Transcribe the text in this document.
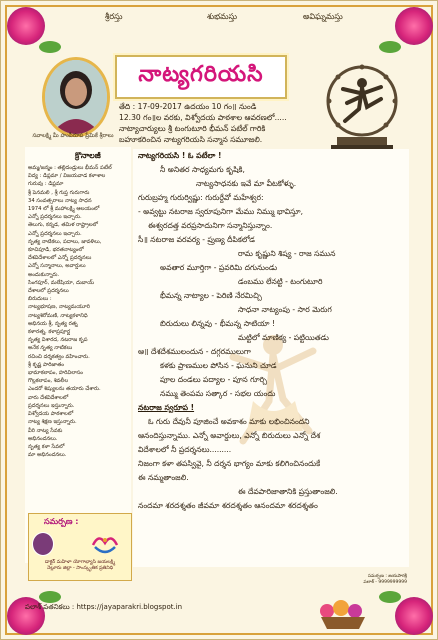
శ్రీరస్తు	శుభమస్తు	అవిఘ్నమస్తు
సవాలక్ష్మి మీ హంపీరూప ప్రేమికే శ్రీరాలు
నాట్యగరియసి
తేది : 17-09-2017 ఉదయం 10 గం॥ నుండి
12.30 గం॥ల వరకు, విశ్వోదయ పాఠశాల ఆవరణలో.....
నాట్యాచార్యులు శ్రీ టంగుటూరి భీమన్ పటేల్ గారికి
బహూకరించిన నాట్యగరియసి సన్మాన సమూజలి.
క్రొనాలజీ
అమ్మ/జన్మం : తల్లిదండ్రులు భీమన్ పటేల్
విద్య : డిప్లమా / విజయవాడ కళాశాల
గురువు : డిప్లమా
శ్రీ పెనమలి , శ్రీ గుప్త గురుగారు
34 సంవత్సరాలు నాట్య సాధన
1974 లో శ్రీ మహాలక్ష్మి ఆలయంలో
ఎన్నో ప్రదర్శనలు ఇచ్చారు.
తెలుగు, కన్నడ, తమిళ రాష్ట్రాలలో
ఎన్నో ప్రదర్శనలు ఇచ్చారు.
నృత్య నాటికలు, పదాలు, జావళిలు,
కూచిపూడి, భరతనాట్యంలో
దేశవిదేశాలలో ఎన్నో ప్రదర్శనలు
ఎన్నో సన్మానాలు, అవార్డులు
అందుకున్నారు.
సింగపూర్, మలేషియా, దుబాయ్
దేశాలలో ప్రదర్శనలు
బిరుదులు :
నాట్యభూషణ, నాట్యమయూరి
నాట్యశిరోమణి, నాట్యకళానిధి
అభినయ శ్రీ, నృత్య రత్న
కళారత్న, కళాప్రపూర్ణ
నృత్య విశారద, నటరాజ కృప
అనేక నృత్య నాటికలు
రచించి దర్శకత్వం వహించారు.
శ్రీ కృష్ణ పారిజాతం
భామాకలాపం, హరివిలాసం
గొల్లకలాపం, శివలీల
ఎందరో శిష్యులను తయారు చేశారు.
వారు దేశవిదేశాలలో
ప్రదర్శనలు ఇస్తున్నారు.
విశ్వోదయ పాఠశాలలో
నాట్య శిక్షణ ఇస్తున్నారు.
వీరి నాట్య సేవకు
అభినందనలు.
నృత్య కళా సేవలో
మా అభినందనలు.
సమర్పణ :
డాక్టర్ మహిళా యోగాభ్యాసి జయలక్ష్మి
నెల్లూరు జిల్లా - సాంస్కృతిక ప్రతినిధి
నాట్యగరియసి ! ఓ పటేలా !
నీ అనితర సాధ్యమగు కృషికి,
నాట్యసాధనకు ఇవే మా వీటకోళ్ళు.
గురుబ్రహ్మ గురుర్విష్ణు: గురుర్దేవో మహేశ్వర:
- అవ్వట్టు నటరాజ స్వరూపునిగా మేము నిమ్ము భావిస్తూ,
ఈశ్వరదత్త వరప్రసాదునిగా సన్మానిస్తున్నాం.
సీ॥ నటరాజ వరవర్య - ప్రుణ్య దీపికలోడ
రామ కృష్ణుని శిష్య - రాజ సమున
అవతార మూర్తిగా - ప్రవరిమి దగునుండు
డంబము లేనట్టి - టంగుటూరి
భీమన్న నాట్యాల - పెరిణి నేరమిచ్చి
సాధనా నాట్యంపు - సార మెరుగ
బిరుదులు లిన్నవు - భీమన్న సాటియా !
మట్టిలో మాణిక్య - పట్టియితడు
ఆ॥ దేశదేశములందున - దగ్గరములుగా
కళకు ప్రాణముల పోసిన - ఘనుని చూడ
పూల దండలు పద్యాల - పూన గూర్చి
నమ్ము తెంపమ సత్కార - సభల యందు
నటరాజ స్వరూప !
ఓ గురు దేవునీ పూజించే అవకాశం మాకు లభించినందని
ఆనందిస్తున్నాము. ఎన్నో అవార్డులు, ఎన్నో బిరుదులు ఎన్నో దేశ
విదేశాలలో నీ ప్రదర్శనలు.........
నిజంగా కళా తపస్వివై, నీ దర్శన భాగ్యం మాకు కలిగించినందుకే
ఈ నమ్మతాంజలి.
ఈ దేవపారిజాతానికి ప్రస్తుతాంజలి.
నందమా శరదశ్శతం జీవమా శరదశ్శతం ఆనందమా శరదశ్శతం
పలాశ్ పతనికలు : https://jayaparakri.blogspot.in
సమర్పణ : జయపారక్రి
పలాశ్ - 9999999999
